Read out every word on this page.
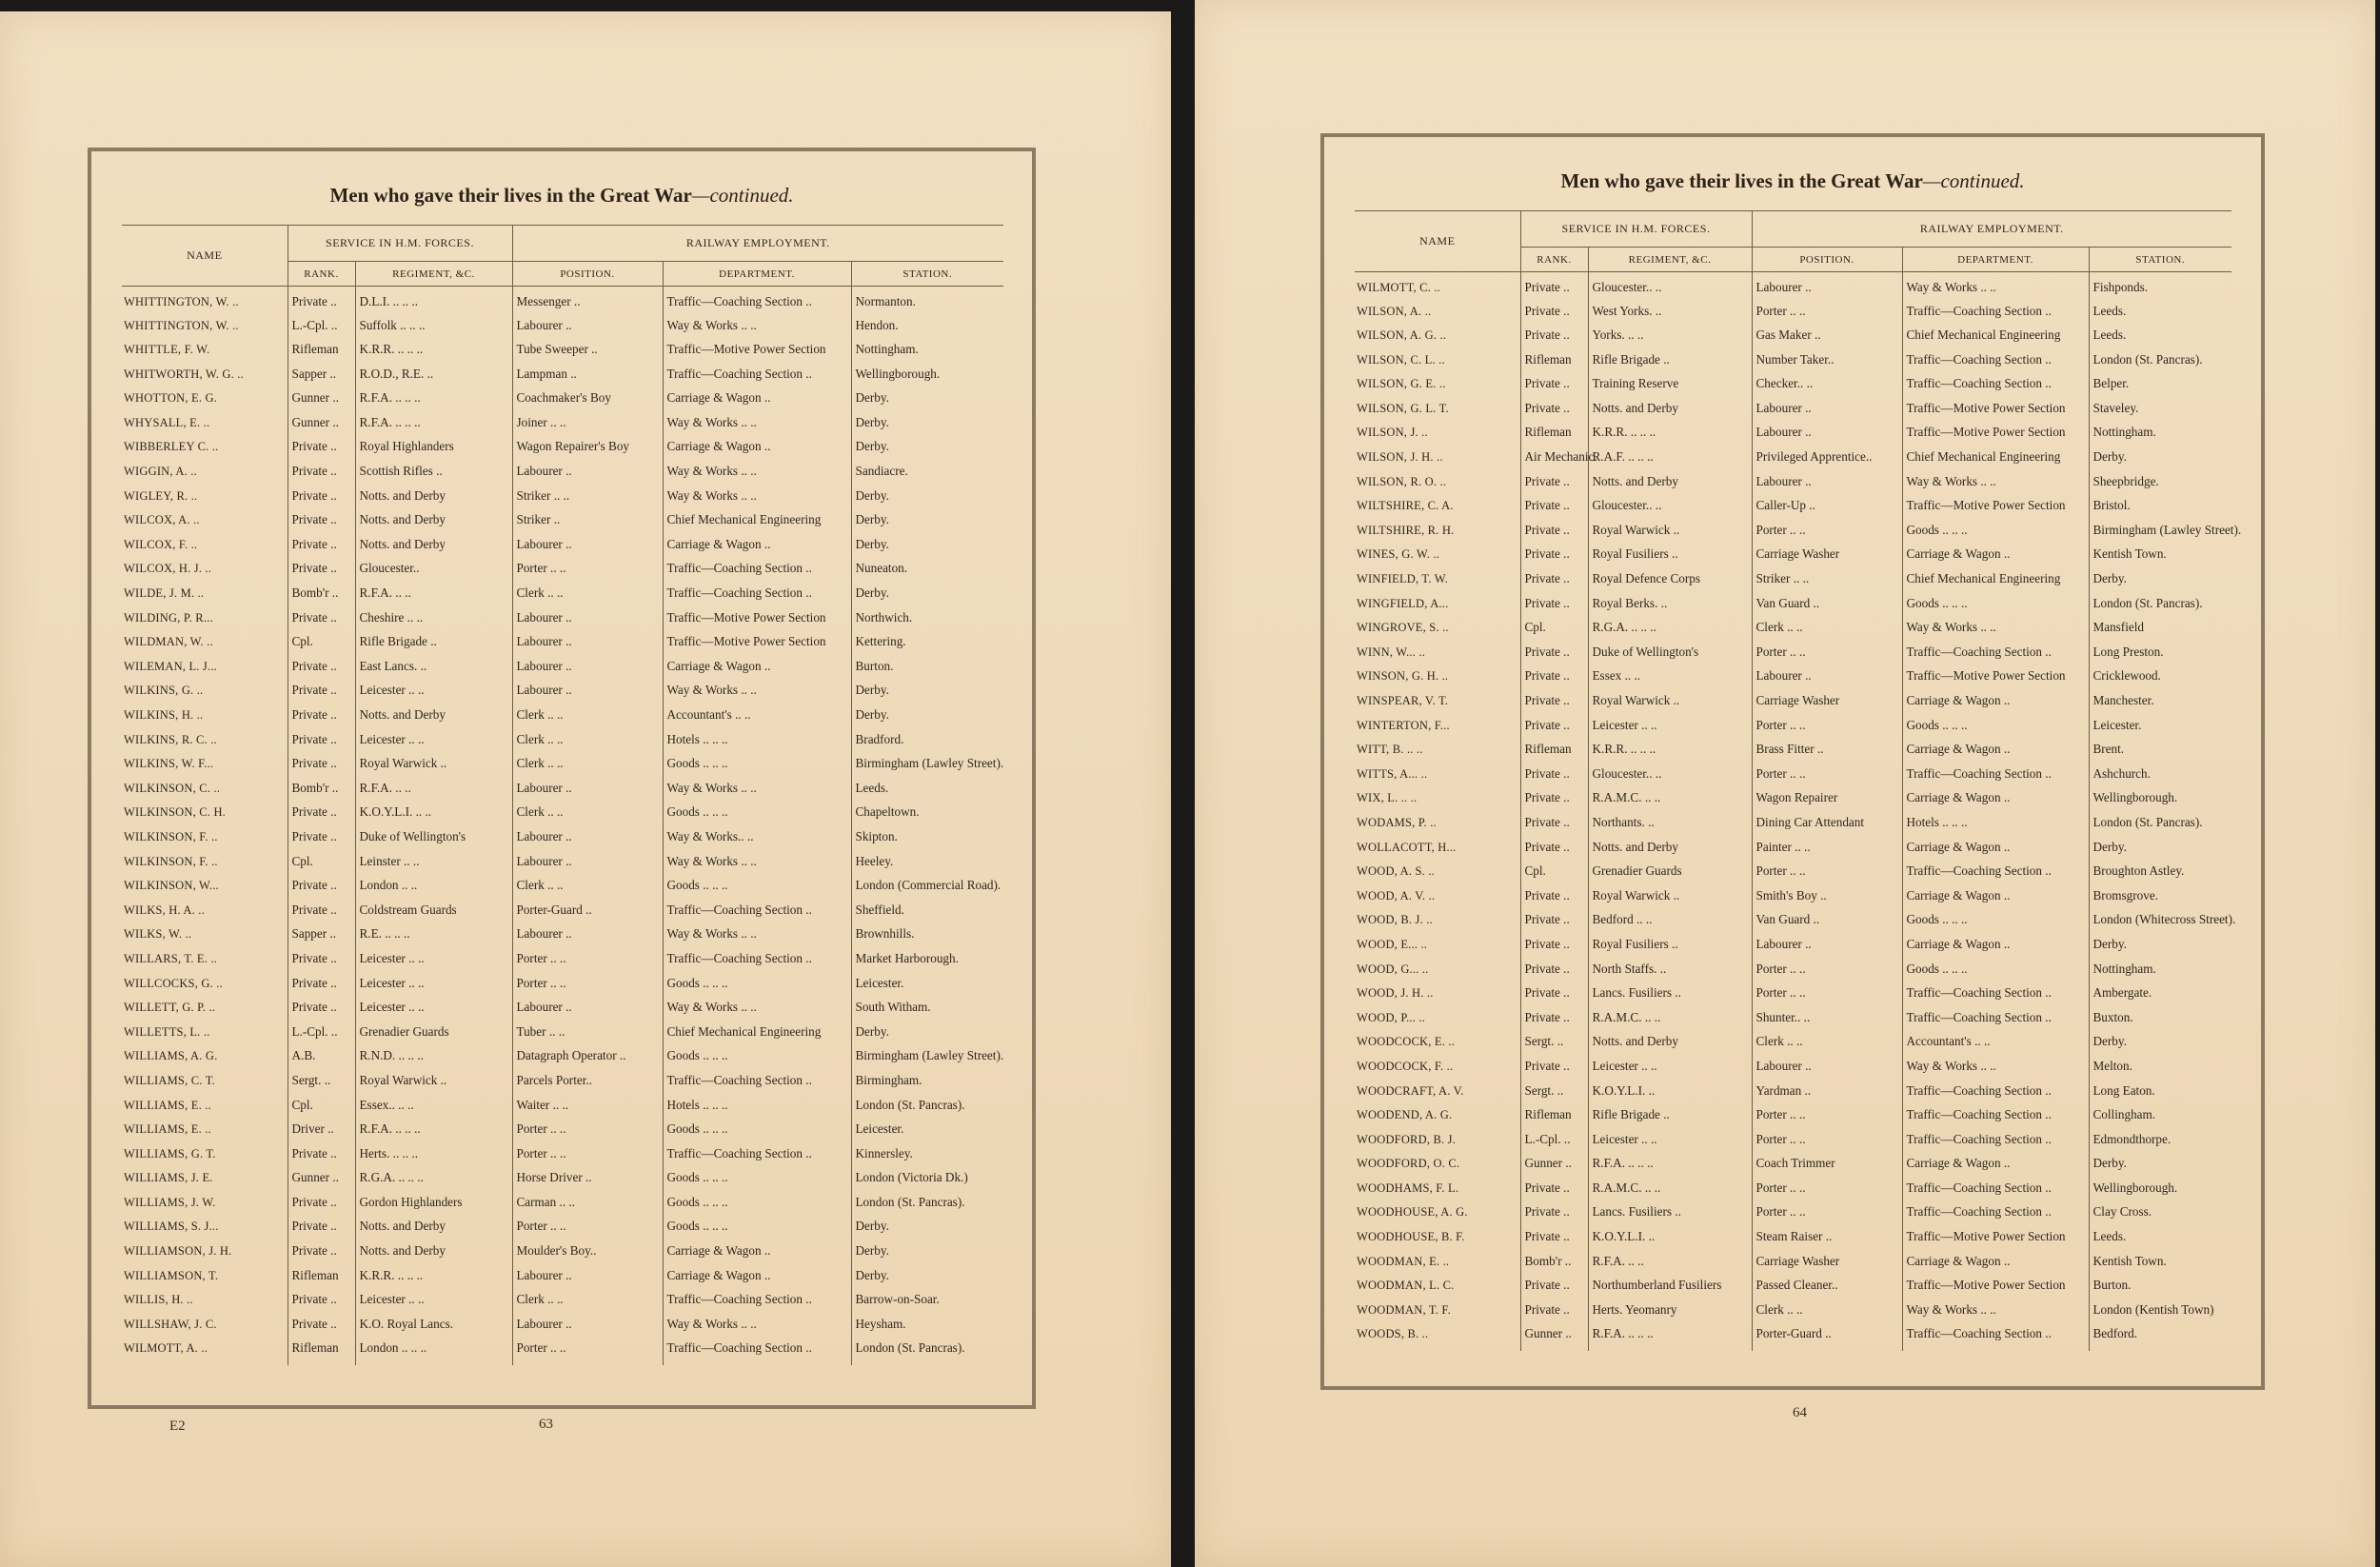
Men who gave their lives in the Great War—continued.
NAME	SERVICE IN H.M. FORCES.		RAILWAY EMPLOYMENT.		
	RANK.	REGIMENT, &C.	POSITION.	DEPARTMENT.	STATION.
WHITTINGTON, W. ..	Private ..	D.L.I. .. .. ..	Messenger ..	Traffic—Coaching Section ..	Normanton.
WHITTINGTON, W. ..	L.-Cpl. ..	Suffolk .. .. ..	Labourer ..	Way & Works .. ..	Hendon.
WHITTLE, F. W.	Rifleman	K.R.R. .. .. ..	Tube Sweeper ..	Traffic—Motive Power Section	Nottingham.
WHITWORTH, W. G. ..	Sapper ..	R.O.D., R.E. ..	Lampman ..	Traffic—Coaching Section ..	Wellingborough.
WHOTTON, E. G.	Gunner ..	R.F.A. .. .. ..	Coachmaker's Boy	Carriage & Wagon ..	Derby.
WHYSALL, E. ..	Gunner ..	R.F.A. .. .. ..	Joiner .. ..	Way & Works .. ..	Derby.
WIBBERLEY C. ..	Private ..	Royal Highlanders	Wagon Repairer's Boy	Carriage & Wagon ..	Derby.
WIGGIN, A. ..	Private ..	Scottish Rifles ..	Labourer ..	Way & Works .. ..	Sandiacre.
WIGLEY, R. ..	Private ..	Notts. and Derby	Striker .. ..	Way & Works .. ..	Derby.
WILCOX, A. ..	Private ..	Notts. and Derby	Striker ..	Chief Mechanical Engineering	Derby.
WILCOX, F. ..	Private ..	Notts. and Derby	Labourer ..	Carriage & Wagon ..	Derby.
WILCOX, H. J. ..	Private ..	Gloucester..	Porter .. ..	Traffic—Coaching Section ..	Nuneaton.
WILDE, J. M. ..	Bomb'r ..	R.F.A. .. ..	Clerk .. ..	Traffic—Coaching Section ..	Derby.
WILDING, P. R...	Private ..	Cheshire .. ..	Labourer ..	Traffic—Motive Power Section	Northwich.
WILDMAN, W. ..	Cpl.	Rifle Brigade ..	Labourer ..	Traffic—Motive Power Section	Kettering.
WILEMAN, L. J...	Private ..	East Lancs. ..	Labourer ..	Carriage & Wagon ..	Burton.
WILKINS, G. ..	Private ..	Leicester .. ..	Labourer ..	Way & Works .. ..	Derby.
WILKINS, H. ..	Private ..	Notts. and Derby	Clerk .. ..	Accountant's .. ..	Derby.
WILKINS, R. C. ..	Private ..	Leicester .. ..	Clerk .. ..	Hotels .. .. ..	Bradford.
WILKINS, W. F...	Private ..	Royal Warwick ..	Clerk .. ..	Goods .. .. ..	Birmingham (Lawley Street).
WILKINSON, C. ..	Bomb'r ..	R.F.A. .. ..	Labourer ..	Way & Works .. ..	Leeds.
WILKINSON, C. H.	Private ..	K.O.Y.L.I. .. ..	Clerk .. ..	Goods .. .. ..	Chapeltown.
WILKINSON, F. ..	Private ..	Duke of Wellington's	Labourer ..	Way & Works.. ..	Skipton.
WILKINSON, F. ..	Cpl.	Leinster .. ..	Labourer ..	Way & Works .. ..	Heeley.
WILKINSON, W...	Private ..	London .. ..	Clerk .. ..	Goods .. .. ..	London (Commercial Road).
WILKS, H. A. ..	Private ..	Coldstream Guards	Porter-Guard ..	Traffic—Coaching Section ..	Sheffield.
WILKS, W. ..	Sapper ..	R.E. .. .. ..	Labourer ..	Way & Works .. ..	Brownhills.
WILLARS, T. E. ..	Private ..	Leicester .. ..	Porter .. ..	Traffic—Coaching Section ..	Market Harborough.
WILLCOCKS, G. ..	Private ..	Leicester .. ..	Porter .. ..	Goods .. .. ..	Leicester.
WILLETT, G. P. ..	Private ..	Leicester .. ..	Labourer ..	Way & Works .. ..	South Witham.
WILLETTS, L. ..	L.-Cpl. ..	Grenadier Guards	Tuber .. ..	Chief Mechanical Engineering	Derby.
WILLIAMS, A. G.	A.B.	R.N.D. .. .. ..	Datagraph Operator ..	Goods .. .. ..	Birmingham (Lawley Street).
WILLIAMS, C. T.	Sergt. ..	Royal Warwick ..	Parcels Porter..	Traffic—Coaching Section ..	Birmingham.
WILLIAMS, E. ..	Cpl.	Essex.. .. ..	Waiter .. ..	Hotels .. .. ..	London (St. Pancras).
WILLIAMS, E. ..	Driver ..	R.F.A. .. .. ..	Porter .. ..	Goods .. .. ..	Leicester.
WILLIAMS, G. T.	Private ..	Herts. .. .. ..	Porter .. ..	Traffic—Coaching Section ..	Kinnersley.
WILLIAMS, J. E.	Gunner ..	R.G.A. .. .. ..	Horse Driver ..	Goods .. .. ..	London (Victoria Dk.)
WILLIAMS, J. W.	Private ..	Gordon Highlanders	Carman .. ..	Goods .. .. ..	London (St. Pancras).
WILLIAMS, S. J...	Private ..	Notts. and Derby	Porter .. ..	Goods .. .. ..	Derby.
WILLIAMSON, J. H.	Private ..	Notts. and Derby	Moulder's Boy..	Carriage & Wagon ..	Derby.
WILLIAMSON, T.	Rifleman	K.R.R. .. .. ..	Labourer ..	Carriage & Wagon ..	Derby.
WILLIS, H. ..	Private ..	Leicester .. ..	Clerk .. ..	Traffic—Coaching Section ..	Barrow-on-Soar.
WILLSHAW, J. C.	Private ..	K.O. Royal Lancs.	Labourer ..	Way & Works .. ..	Heysham.
WILMOTT, A. ..	Rifleman	London .. .. ..	Porter .. ..	Traffic—Coaching Section ..	London (St. Pancras).
E2	63
Men who gave their lives in the Great War—continued.
NAME	SERVICE IN H.M. FORCES.		RAILWAY EMPLOYMENT.		
	RANK.	REGIMENT, &C.	POSITION.	DEPARTMENT.	STATION.
WILMOTT, C. ..	Private ..	Gloucester.. ..	Labourer ..	Way & Works .. ..	Fishponds.
WILSON, A. ..	Private ..	West Yorks. ..	Porter .. ..	Traffic—Coaching Section ..	Leeds.
WILSON, A. G. ..	Private ..	Yorks. .. ..	Gas Maker ..	Chief Mechanical Engineering	Leeds.
WILSON, C. L. ..	Rifleman	Rifle Brigade ..	Number Taker..	Traffic—Coaching Section ..	London (St. Pancras).
WILSON, G. E. ..	Private ..	Training Reserve	Checker.. ..	Traffic—Coaching Section ..	Belper.
WILSON, G. L. T.	Private ..	Notts. and Derby	Labourer ..	Traffic—Motive Power Section	Staveley.
WILSON, J. ..	Rifleman	K.R.R. .. .. ..	Labourer ..	Traffic—Motive Power Section	Nottingham.
WILSON, J. H. ..	Air Mechanic.	R.A.F. .. .. ..	Privileged Apprentice..	Chief Mechanical Engineering	Derby.
WILSON, R. O. ..	Private ..	Notts. and Derby	Labourer ..	Way & Works .. ..	Sheepbridge.
WILTSHIRE, C. A.	Private ..	Gloucester.. ..	Caller-Up ..	Traffic—Motive Power Section	Bristol.
WILTSHIRE, R. H.	Private ..	Royal Warwick ..	Porter .. ..	Goods .. .. ..	Birmingham (Lawley Street).
WINES, G. W. ..	Private ..	Royal Fusiliers ..	Carriage Washer	Carriage & Wagon ..	Kentish Town.
WINFIELD, T. W.	Private ..	Royal Defence Corps	Striker .. ..	Chief Mechanical Engineering	Derby.
WINGFIELD, A...	Private ..	Royal Berks. ..	Van Guard ..	Goods .. .. ..	London (St. Pancras).
WINGROVE, S. ..	Cpl.	R.G.A. .. .. ..	Clerk .. ..	Way & Works .. ..	Mansfield
WINN, W... ..	Private ..	Duke of Wellington's	Porter .. ..	Traffic—Coaching Section ..	Long Preston.
WINSON, G. H. ..	Private ..	Essex .. ..	Labourer ..	Traffic—Motive Power Section	Cricklewood.
WINSPEAR, V. T.	Private ..	Royal Warwick ..	Carriage Washer	Carriage & Wagon ..	Manchester.
WINTERTON, F...	Private ..	Leicester .. ..	Porter .. ..	Goods .. .. ..	Leicester.
WITT, B. .. ..	Rifleman	K.R.R. .. .. ..	Brass Fitter ..	Carriage & Wagon ..	Brent.
WITTS, A... ..	Private ..	Gloucester.. ..	Porter .. ..	Traffic—Coaching Section ..	Ashchurch.
WIX, L. .. ..	Private ..	R.A.M.C. .. ..	Wagon Repairer	Carriage & Wagon ..	Wellingborough.
WODAMS, P. ..	Private ..	Northants. ..	Dining Car Attendant	Hotels .. .. ..	London (St. Pancras).
WOLLACOTT, H...	Private ..	Notts. and Derby	Painter .. ..	Carriage & Wagon ..	Derby.
WOOD, A. S. ..	Cpl.	Grenadier Guards	Porter .. ..	Traffic—Coaching Section ..	Broughton Astley.
WOOD, A. V. ..	Private ..	Royal Warwick ..	Smith's Boy ..	Carriage & Wagon ..	Bromsgrove.
WOOD, B. J. ..	Private ..	Bedford .. ..	Van Guard ..	Goods .. .. ..	London (Whitecross Street).
WOOD, E... ..	Private ..	Royal Fusiliers ..	Labourer ..	Carriage & Wagon ..	Derby.
WOOD, G... ..	Private ..	North Staffs. ..	Porter .. ..	Goods .. .. ..	Nottingham.
WOOD, J. H. ..	Private ..	Lancs. Fusiliers ..	Porter .. ..	Traffic—Coaching Section ..	Ambergate.
WOOD, P... ..	Private ..	R.A.M.C. .. ..	Shunter.. ..	Traffic—Coaching Section ..	Buxton.
WOODCOCK, E. ..	Sergt. ..	Notts. and Derby	Clerk .. ..	Accountant's .. ..	Derby.
WOODCOCK, F. ..	Private ..	Leicester .. ..	Labourer ..	Way & Works .. ..	Melton.
WOODCRAFT, A. V.	Sergt. ..	K.O.Y.L.I. ..	Yardman ..	Traffic—Coaching Section ..	Long Eaton.
WOODEND, A. G.	Rifleman	Rifle Brigade ..	Porter .. ..	Traffic—Coaching Section ..	Collingham.
WOODFORD, B. J.	L.-Cpl. ..	Leicester .. ..	Porter .. ..	Traffic—Coaching Section ..	Edmondthorpe.
WOODFORD, O. C.	Gunner ..	R.F.A. .. .. ..	Coach Trimmer	Carriage & Wagon ..	Derby.
WOODHAMS, F. L.	Private ..	R.A.M.C. .. ..	Porter .. ..	Traffic—Coaching Section ..	Wellingborough.
WOODHOUSE, A. G.	Private ..	Lancs. Fusiliers ..	Porter .. ..	Traffic—Coaching Section ..	Clay Cross.
WOODHOUSE, B. F.	Private ..	K.O.Y.L.I. ..	Steam Raiser ..	Traffic—Motive Power Section	Leeds.
WOODMAN, E. ..	Bomb'r ..	R.F.A. .. ..	Carriage Washer	Carriage & Wagon ..	Kentish Town.
WOODMAN, L. C.	Private ..	Northumberland Fusiliers	Passed Cleaner..	Traffic—Motive Power Section	Burton.
WOODMAN, T. F.	Private ..	Herts. Yeomanry	Clerk .. ..	Way & Works .. ..	London (Kentish Town)
WOODS, B. ..	Gunner ..	R.F.A. .. .. ..	Porter-Guard ..	Traffic—Coaching Section ..	Bedford.
64
